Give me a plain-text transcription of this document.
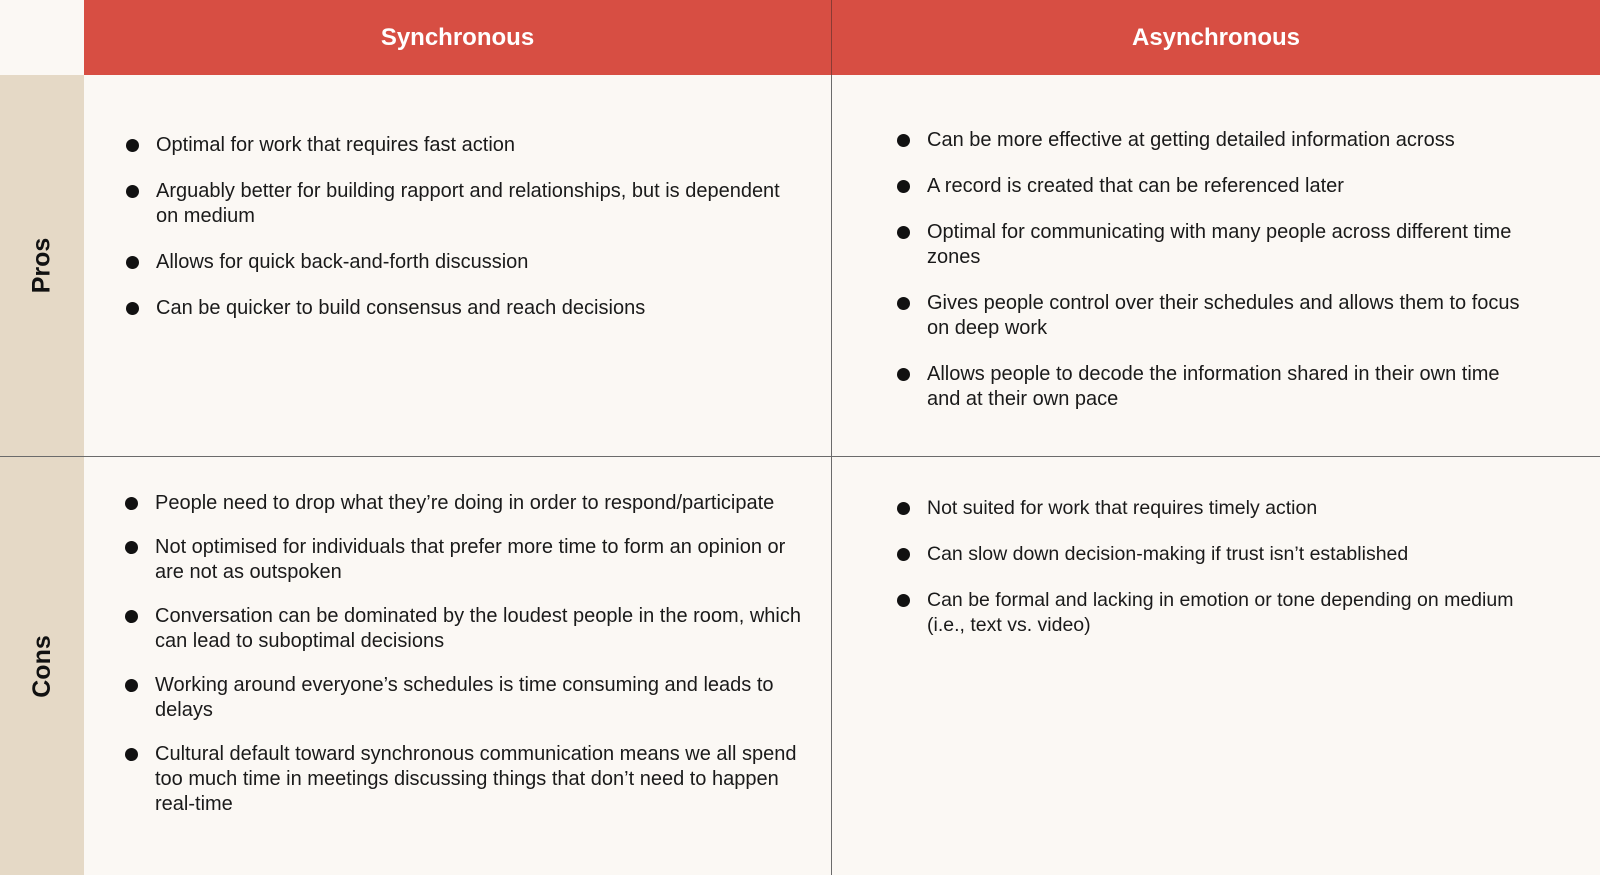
Synchronous	Asynchronous
Pros
Cons
Optimal for work that requires fast action
Arguably better for building rapport and relationships, but is dependent on medium
Allows for quick back-and-forth discussion
Can be quicker to build consensus and reach decisions
Can be more effective at getting detailed information across
A record is created that can be referenced later
Optimal for communicating with many people across different time zones
Gives people control over their schedules and allows them to focus on deep work
Allows people to decode the information shared in their own time and at their own pace
People need to drop what they’re doing in order to respond/participate
Not optimised for individuals that prefer more time to form an opinion or are not as outspoken
Conversation can be dominated by the loudest people in the room, which can lead to suboptimal decisions
Working around everyone’s schedules is time consuming and leads to delays
Cultural default toward synchronous communication means we all spend too much time in meetings discussing things that don’t need to happen real-time
Not suited for work that requires timely action
Can slow down decision-making if trust isn’t established
Can be formal and lacking in emotion or tone depending on medium (i.e., text vs. video)
